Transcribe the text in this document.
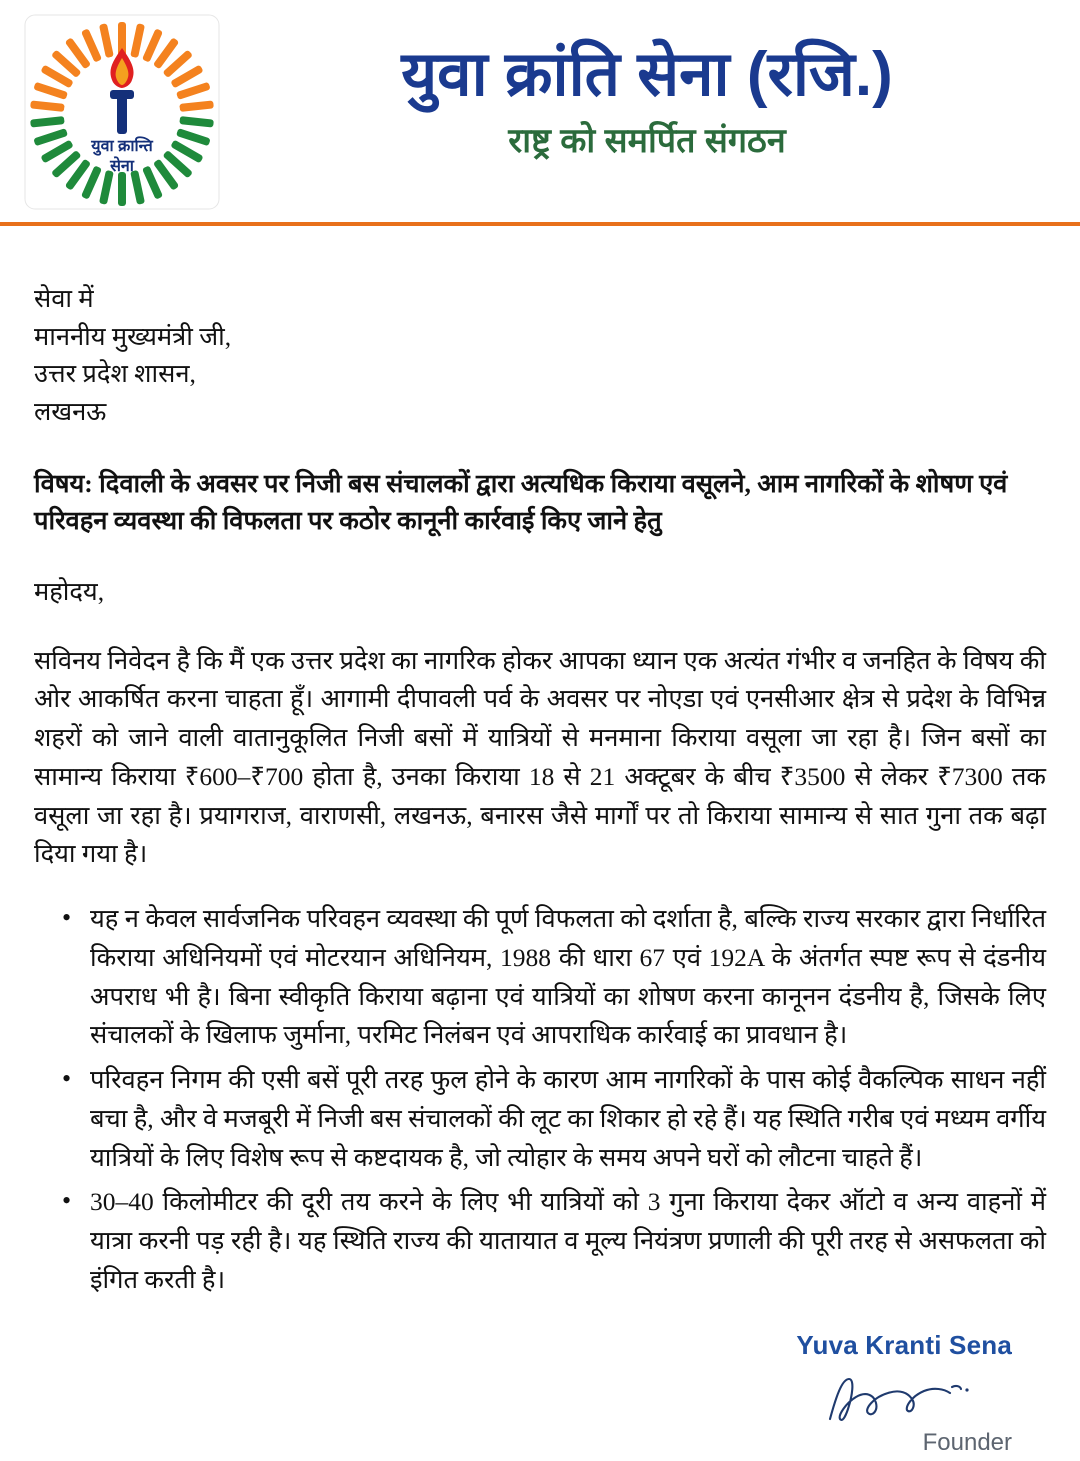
युवा क्रान्ति
सेना
युवा क्रांति सेना (रजि.)
राष्ट्र को समर्पित संगठन
सेवा में
माननीय मुख्यमंत्री जी,
उत्तर प्रदेश शासन,
लखनऊ
विषय: दिवाली के अवसर पर निजी बस संचालकों द्वारा अत्यधिक किराया वसूलने, आम नागरिकों के शोषण एवं परिवहन व्यवस्था की विफलता पर कठोर कानूनी कार्रवाई किए जाने हेतु
महोदय,
सविनय निवेदन है कि मैं एक उत्तर प्रदेश का नागरिक होकर आपका ध्यान एक अत्यंत गंभीर व जनहित के विषय की ओर आकर्षित करना चाहता हूँ। आगामी दीपावली पर्व के अवसर पर नोएडा एवं एनसीआर क्षेत्र से प्रदेश के विभिन्न शहरों को जाने वाली वातानुकूलित निजी बसों में यात्रियों से मनमाना किराया वसूला जा रहा है। जिन बसों का सामान्य किराया ₹600–₹700 होता है, उनका किराया 18 से 21 अक्टूबर के बीच ₹3500 से लेकर ₹7300 तक वसूला जा रहा है। प्रयागराज, वाराणसी, लखनऊ, बनारस जैसे मार्गों पर तो किराया सामान्य से सात गुना तक बढ़ा दिया गया है।
• यह न केवल सार्वजनिक परिवहन व्यवस्था की पूर्ण विफलता को दर्शाता है, बल्कि राज्य सरकार द्वारा निर्धारित किराया अधिनियमों एवं मोटरयान अधिनियम, 1988 की धारा 67 एवं 192A के अंतर्गत स्पष्ट रूप से दंडनीय अपराध भी है। बिना स्वीकृति किराया बढ़ाना एवं यात्रियों का शोषण करना कानूनन दंडनीय है, जिसके लिए संचालकों के खिलाफ जुर्माना, परमिट निलंबन एवं आपराधिक कार्रवाई का प्रावधान है।
• परिवहन निगम की एसी बसें पूरी तरह फुल होने के कारण आम नागरिकों के पास कोई वैकल्पिक साधन नहीं बचा है, और वे मजबूरी में निजी बस संचालकों की लूट का शिकार हो रहे हैं। यह स्थिति गरीब एवं मध्यम वर्गीय यात्रियों के लिए विशेष रूप से कष्टदायक है, जो त्योहार के समय अपने घरों को लौटना चाहते हैं।
• 30–40 किलोमीटर की दूरी तय करने के लिए भी यात्रियों को 3 गुना किराया देकर ऑटो व अन्य वाहनों में यात्रा करनी पड़ रही है। यह स्थिति राज्य की यातायात व मूल्य नियंत्रण प्रणाली की पूरी तरह से असफलता को इंगित करती है।
Yuva Kranti Sena
Founder
